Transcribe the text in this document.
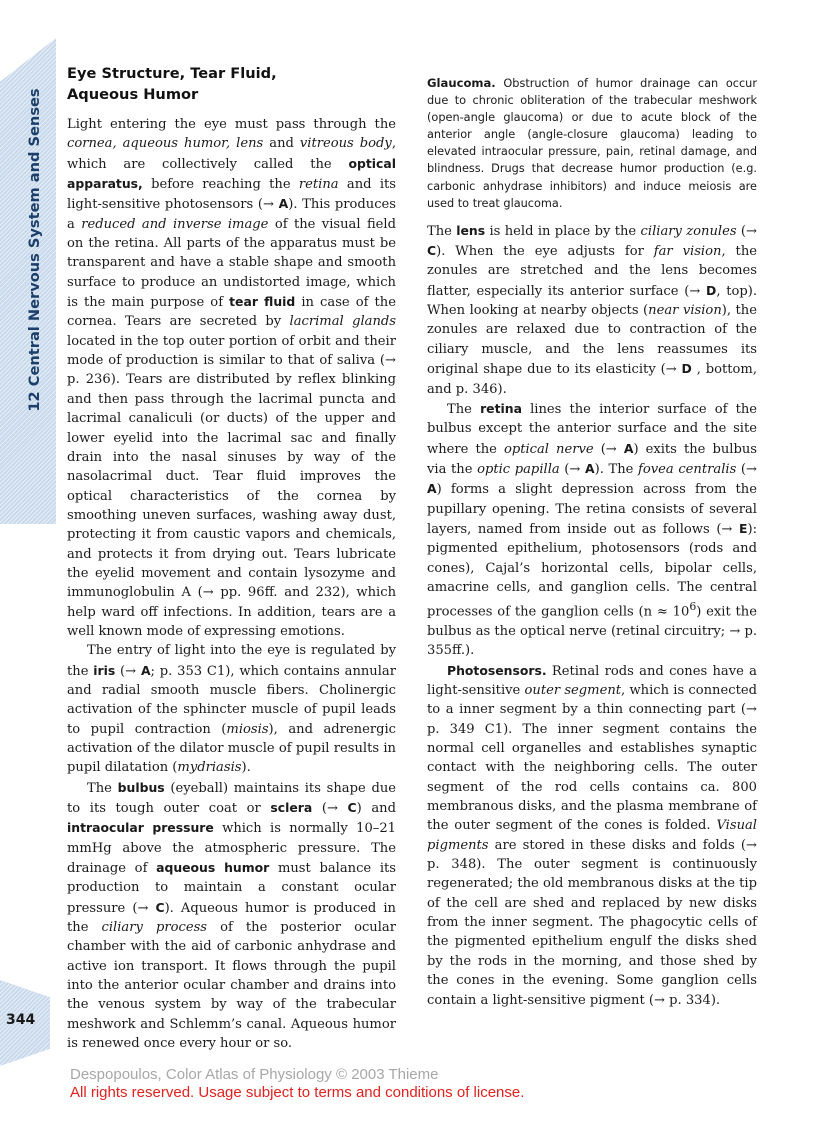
12 Central Nervous System and Senses
344
Eye Structure, Tear Fluid,
Aqueous Humor

Light entering the eye must pass through the cornea, aqueous humor, lens and vitreous body, which are collectively called the optical apparatus, before reaching the retina and its light-sensitive photosensors (→ A). This produces a reduced and inverse image of the visual field on the retina. All parts of the apparatus must be transparent and have a stable shape and smooth surface to produce an undistorted image, which is the main purpose of tear fluid in case of the cornea. Tears are secreted by lacrimal glands located in the top outer portion of orbit and their mode of production is similar to that of saliva (→ p. 236). Tears are distributed by reflex blinking and then pass through the lacrimal puncta and lacrimal canaliculi (or ducts) of the upper and lower eyelid into the lacrimal sac and finally drain into the nasal sinuses by way of the nasolacrimal duct. Tear fluid improves the optical characteristics of the cornea by smoothing uneven surfaces, washing away dust, protecting it from caustic vapors and chemicals, and protects it from drying out. Tears lubricate the eyelid movement and contain lysozyme and immunoglobulin A (→ pp. 96ff. and 232), which help ward off infections. In addition, tears are a well known mode of expressing emotions.

The entry of light into the eye is regulated by the iris (→ A; p. 353 C1), which contains annular and radial smooth muscle fibers. Cholinergic activation of the sphincter muscle of pupil leads to pupil contraction (miosis), and adrenergic activation of the dilator muscle of pupil results in pupil dilatation (mydriasis).

The bulbus (eyeball) maintains its shape due to its tough outer coat or sclera (→ C) and intraocular pressure which is normally 10–21 mmHg above the atmospheric pressure. The drainage of aqueous humor must balance its production to maintain a constant ocular pressure (→ C). Aqueous humor is produced in the ciliary process of the posterior ocular chamber with the aid of carbonic anhydrase and active ion transport. It flows through the pupil into the anterior ocular chamber and drains into the venous system by way of the trabecular meshwork and Schlemm’s canal. Aqueous humor is renewed once every hour or so.

Glaucoma. Obstruction of humor drainage can occur due to chronic obliteration of the trabecular meshwork (open-angle glaucoma) or due to acute block of the anterior angle (angle-closure glaucoma) leading to elevated intraocular pressure, pain, retinal damage, and blindness. Drugs that decrease humor production (e.g. carbonic anhydrase inhibitors) and induce meiosis are used to treat glaucoma.

The lens is held in place by the ciliary zonules (→ C). When the eye adjusts for far vision, the zonules are stretched and the lens becomes flatter, especially its anterior surface (→ D, top). When looking at nearby objects (near vision), the zonules are relaxed due to contraction of the ciliary muscle, and the lens reassumes its original shape due to its elasticity (→ D , bottom, and p. 346).

The retina lines the interior surface of the bulbus except the anterior surface and the site where the optical nerve (→ A) exits the bulbus via the optic papilla (→ A). The fovea centralis (→ A) forms a slight depression across from the pupillary opening. The retina consists of several layers, named from inside out as follows (→ E): pigmented epithelium, photosensors (rods and cones), Cajal’s horizontal cells, bipolar cells, amacrine cells, and ganglion cells. The central processes of the ganglion cells $(n \approx 10^6)$ exit the bulbus as the optical nerve (retinal circuitry; → p. 355ff.).

Photosensors. Retinal rods and cones have a light-sensitive outer segment, which is connected to a inner segment by a thin connecting part (→ p. 349 C1). The inner segment contains the normal cell organelles and establishes synaptic contact with the neighboring cells. The outer segment of the rod cells contains ca. 800 membranous disks, and the plasma membrane of the outer segment of the cones is folded. Visual pigments are stored in these disks and folds (→ p. 348). The outer segment is continuously regenerated; the old membranous disks at the tip of the cell are shed and replaced by new disks from the inner segment. The phagocytic cells of the pigmented epithelium engulf the disks shed by the rods in the morning, and those shed by the cones in the evening. Some ganglion cells contain a light-sensitive pigment (→ p. 334).

Despopoulos, Color Atlas of Physiology © 2003 Thieme
All rights reserved. Usage subject to terms and conditions of license.
